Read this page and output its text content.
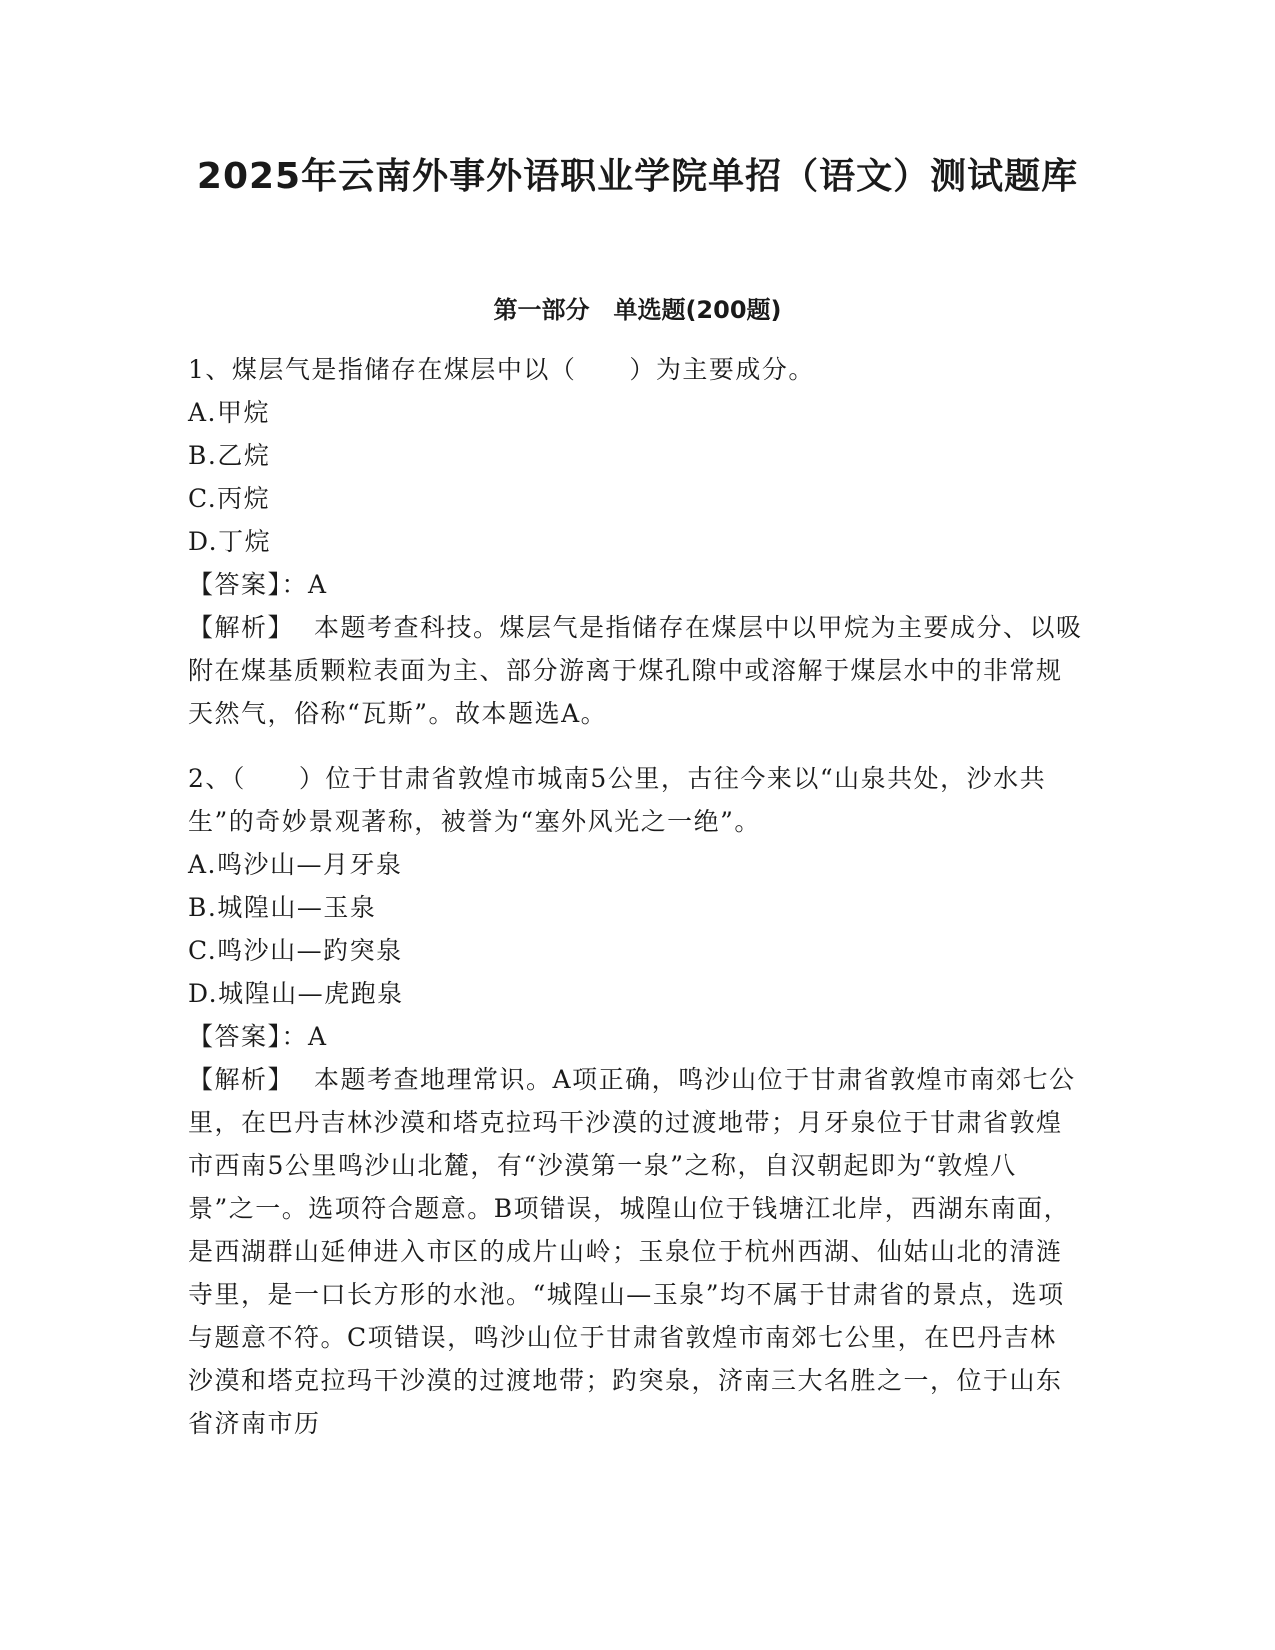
2025年云南外事外语职业学院单招（语文）测试题库
第一部分　单选题(200题)

1、煤层气是指储存在煤层中以（　　）为主要成分。

A.甲烷

B.乙烷

C.丙烷

D.丁烷

【答案】：A

【解析】 本题考查科技。煤层气是指储存在煤层中以甲烷为主要成分、以吸附在煤基质颗粒表面为主、部分游离于煤孔隙中或溶解于煤层水中的非常规天然气，俗称“瓦斯”。故本题选A。

2、（　　）位于甘肃省敦煌市城南5公里，古往今来以“山泉共处，沙水共生”的奇妙景观著称，被誉为“塞外风光之一绝”。

A.鸣沙山—月牙泉

B.城隍山—玉泉

C.鸣沙山—趵突泉

D.城隍山—虎跑泉

【答案】：A

【解析】 本题考查地理常识。A项正确，鸣沙山位于甘肃省敦煌市南郊七公里，在巴丹吉林沙漠和塔克拉玛干沙漠的过渡地带；月牙泉位于甘肃省敦煌市西南5公里鸣沙山北麓，有“沙漠第一泉”之称，自汉朝起即为“敦煌八景”之一。选项符合题意。B项错误，城隍山位于钱塘江北岸，西湖东南面，是西湖群山延伸进入市区的成片山岭；玉泉位于杭州西湖、仙姑山北的清涟寺里，是一口长方形的水池。“城隍山—玉泉”均不属于甘肃省的景点，选项与题意不符。C项错误，鸣沙山位于甘肃省敦煌市南郊七公里，在巴丹吉林沙漠和塔克拉玛干沙漠的过渡地带；趵突泉，济南三大名胜之一，位于山东省济南市历
